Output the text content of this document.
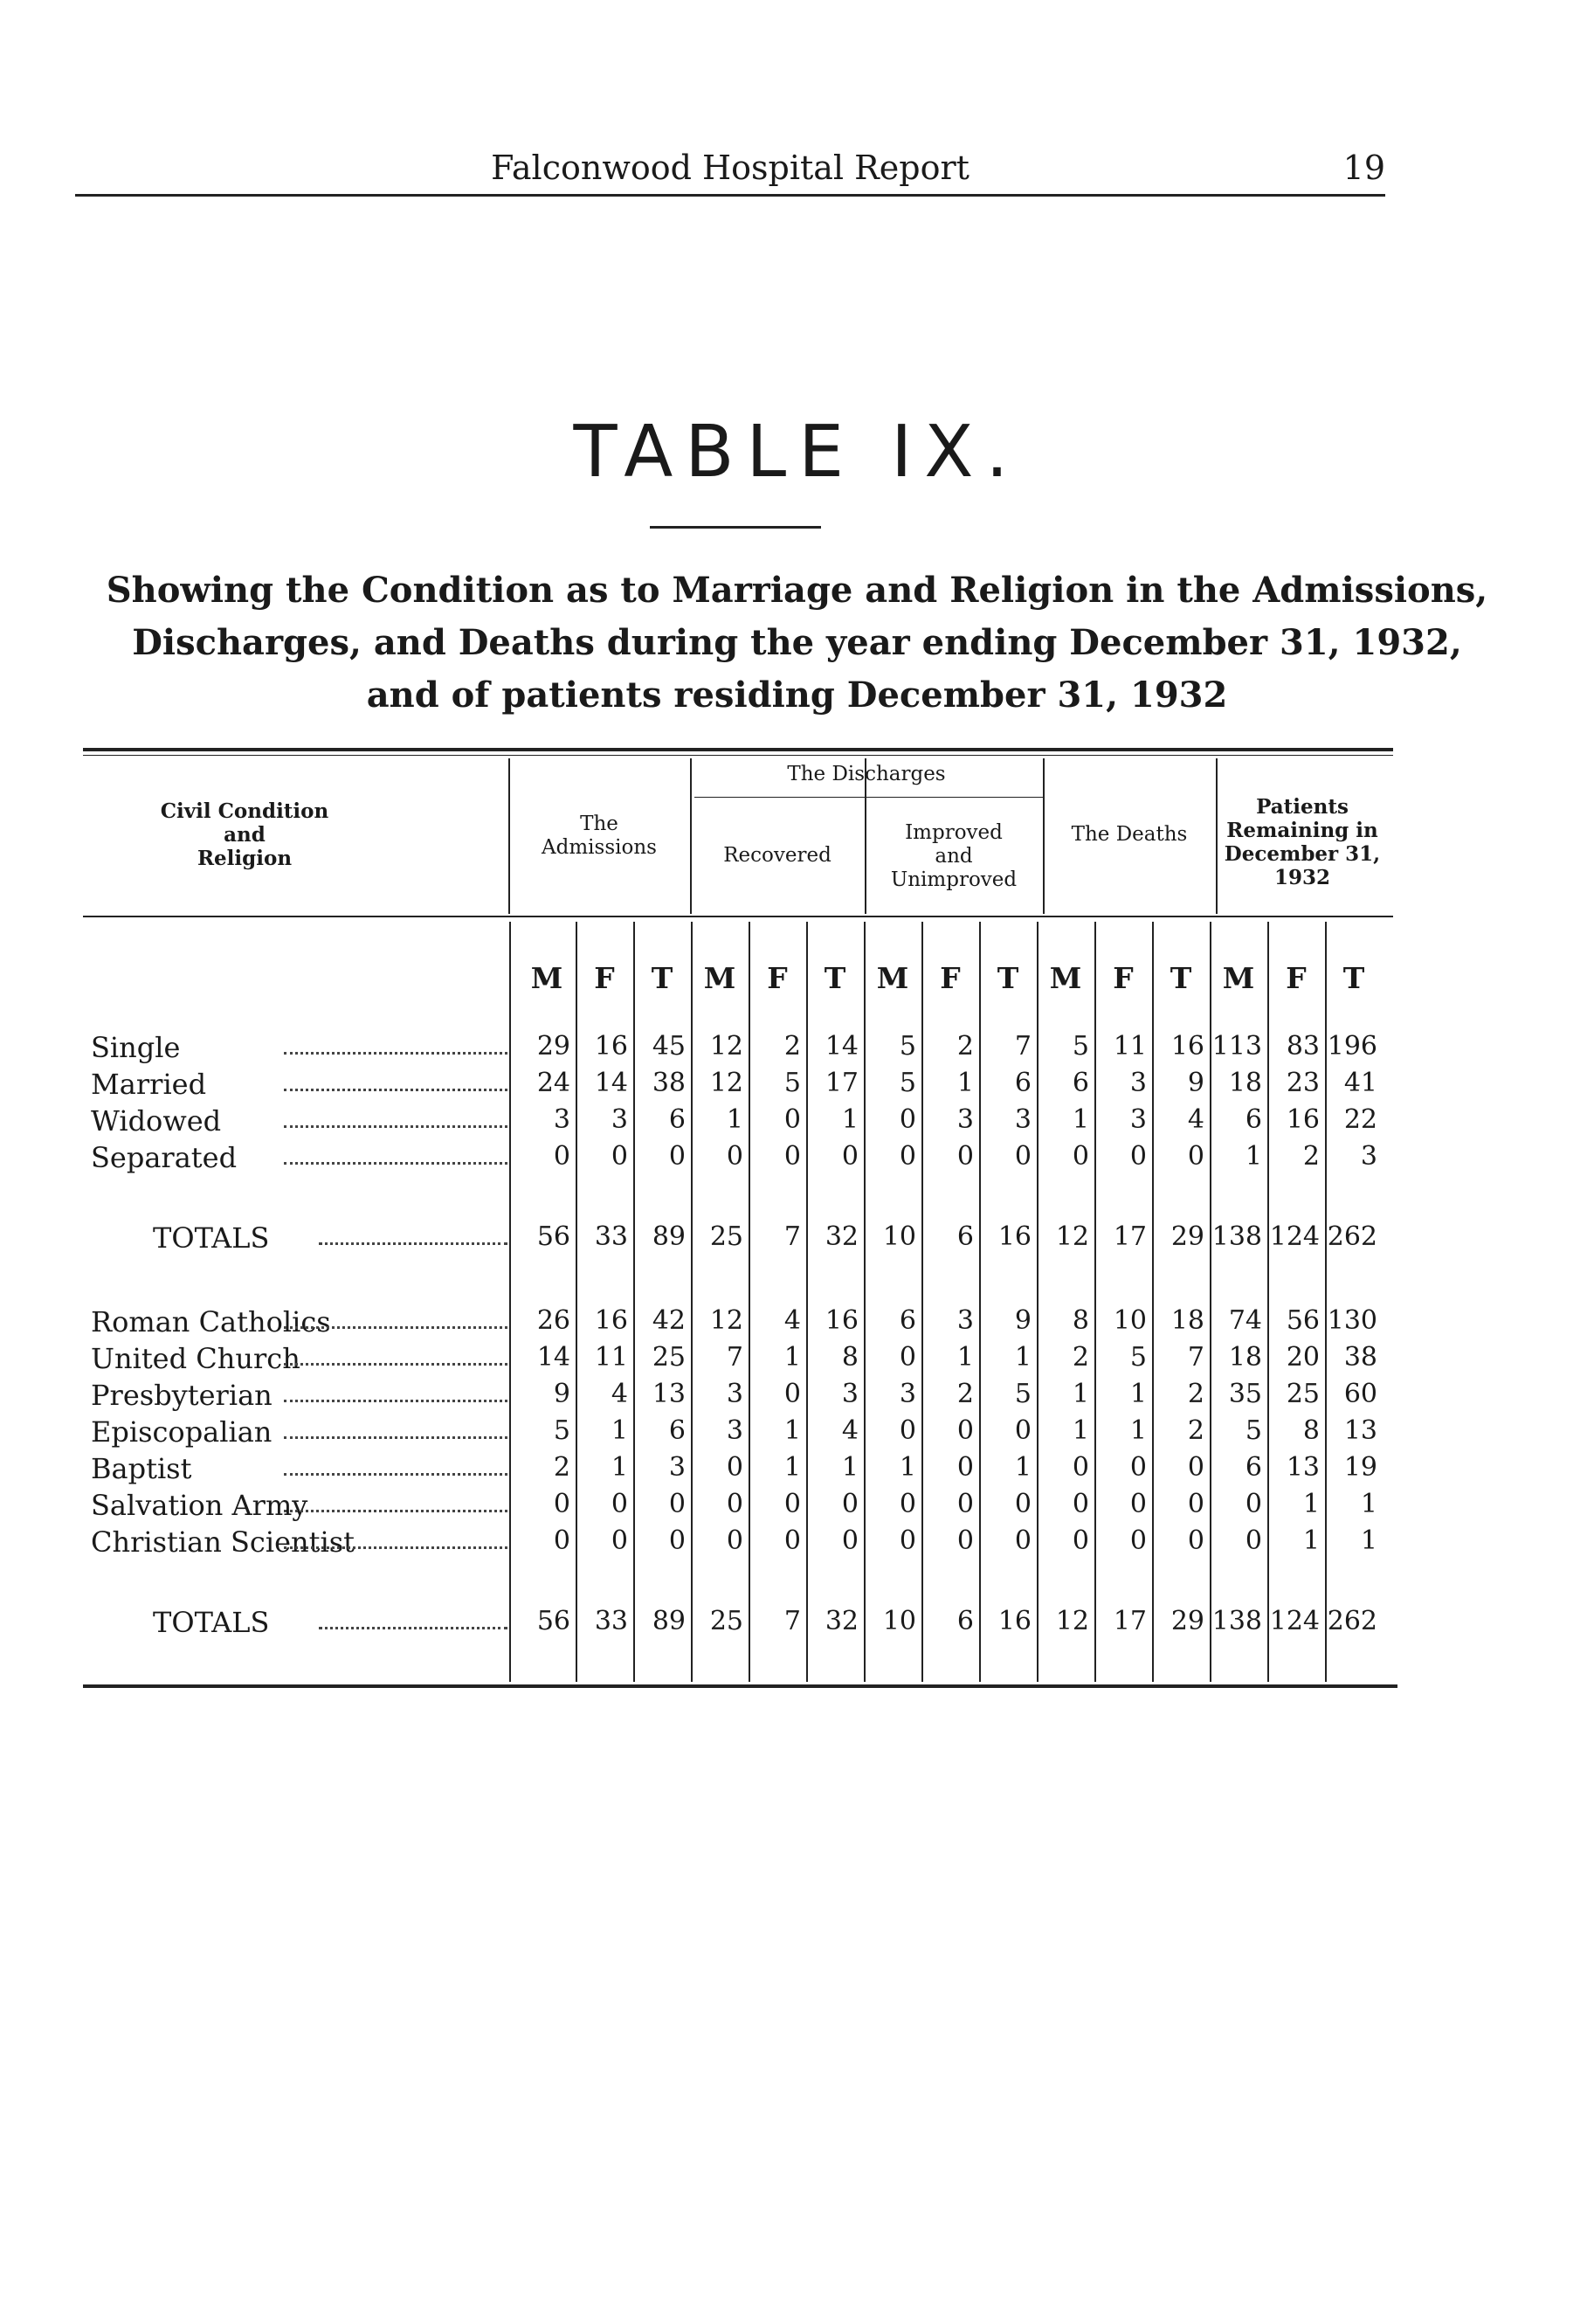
Falconwood Hospital Report	19
TABLE IX.

Showing the Condition as to Marriage and Religion in the Admissions,
Discharges, and Deaths during the year ending December 31, 1932,
and of patients residing December 31, 1932

Civil Condition
and
Religion
The
Admissions
The Discharges
Recovered
Improved
and
Unimproved
The Deaths
Patients
Remaining in
December 31,
1932
M	F	T	M	F	T	M	F	T	M	F	T	M	F	T
Single	29 16 45 12	2 14	5	2	7	5 11 16 113 83 196
Married	24 14 38 12	5 17	5	1	6	6	3	9 18 23 41
Widowed	3	3	6	1	0	1	0	3	3	1	3	4	6 16 22
Separated	0	0	0	0	0	0	0	0	0	0	0	0	1	2	3
TOTALS	56 33 89 25	7 32 10	6 16 12 17 29 138 124 262
Roman Catholics	26 16 42 12	4 16	6	3	9	8 10 18 74 56 130
United Church	14 11 25	7	1	8	0	1	1	2	5	7 18 20 38
Presbyterian	9	4 13	3	0	3	3	2	5	1	1	2 35 25 60
Episcopalian	5	1	6	3	1	4	0	0	0	1	1	2	5	8 13
Baptist	2	1	3	0	1	1	1	0	1	0	0	0	6 13 19
Salvation Army	0	0	0	0	0	0	0	0	0	0	0	0	0	1	1
Christian Scientist	0	0	0	0	0	0	0	0	0	0	0	0	0	1	1
TOTALS	56 33 89 25	7 32 10	6 16 12 17 29 138 124 262
